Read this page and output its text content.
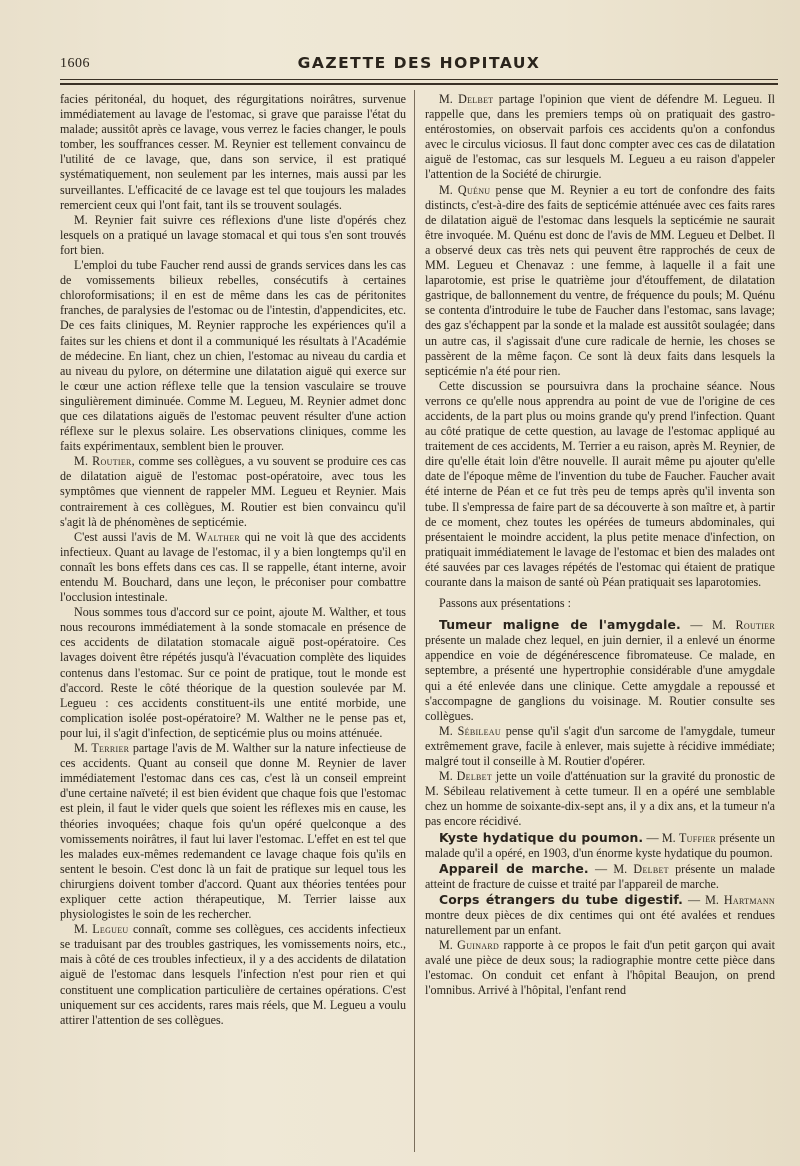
1606	GAZETTE DES HOPITAUX

facies péritonéal, du hoquet, des régurgitations noirâtres, survenue immédiatement au lavage de l'estomac, si grave que paraisse l'état du malade; aussitôt après ce lavage, vous verrez le facies changer, le pouls tomber, les souffrances cesser. M. Reynier est tellement convaincu de l'utilité de ce lavage, que, dans son service, il est pratiqué systématiquement, non seulement par les internes, mais aussi par les surveillantes. L'efficacité de ce lavage est tel que toujours les malades remercient ceux qui l'ont fait, tant ils se trouvent soulagés.

M. Reynier fait suivre ces réflexions d'une liste d'opérés chez lesquels on a pratiqué un lavage stomacal et qui tous s'en sont trouvés fort bien.

L'emploi du tube Faucher rend aussi de grands services dans les cas de vomissements bilieux rebelles, consécutifs à certaines chloroformisations; il en est de même dans les cas de péritonites franches, de paralysies de l'estomac ou de l'intestin, d'appendicites, etc. De ces faits cliniques, M. Reynier rapproche les expériences qu'il a faites sur les chiens et dont il a communiqué les résultats à l'Académie de médecine. En liant, chez un chien, l'estomac au niveau du cardia et au niveau du pylore, on détermine une dilatation aiguë qui exerce sur le cœur une action réflexe telle que la tension vasculaire se trouve singulièrement diminuée. Comme M. Legueu, M. Reynier admet donc que ces dilatations aiguës de l'estomac peuvent résulter d'une action réflexe sur le plexus solaire. Les observations cliniques, comme les faits expérimentaux, semblent bien le prouver.

M. Routier, comme ses collègues, a vu souvent se produire ces cas de dilatation aiguë de l'estomac post-opératoire, avec tous les symptômes que viennent de rappeler MM. Legueu et Reynier. Mais contrairement à ces collègues, M. Routier est bien convaincu qu'il s'agit là de phénomènes de septicémie.

C'est aussi l'avis de M. Walther qui ne voit là que des accidents infectieux. Quant au lavage de l'estomac, il y a bien longtemps qu'il en connaît les bons effets dans ces cas. Il se rappelle, étant interne, avoir entendu M. Bouchard, dans une leçon, le préconiser pour combattre l'occlusion intestinale.

Nous sommes tous d'accord sur ce point, ajoute M. Walther, et tous nous recourons immédiatement à la sonde stomacale en présence de ces accidents de dilatation stomacale aiguë post-opératoire. Ces lavages doivent être répétés jusqu'à l'évacuation complète des liquides contenus dans l'estomac. Sur ce point de pratique, tout le monde est d'accord. Reste le côté théorique de la question soulevée par M. Legueu : ces accidents constituent-ils une entité morbide, une complication isolée post-opératoire? M. Walther ne le pense pas et, pour lui, il s'agit d'infection, de septicémie plus ou moins atténuée.

M. Terrier partage l'avis de M. Walther sur la nature infectieuse de ces accidents. Quant au conseil que donne M. Reynier de laver immédiatement l'estomac dans ces cas, c'est là un conseil empreint d'une certaine naïveté; il est bien évident que chaque fois que l'estomac est plein, il faut le vider quels que soient les réflexes mis en cause, les théories invoquées; chaque fois qu'un opéré quelconque a des vomissements noirâtres, il faut lui laver l'estomac. L'effet en est tel que les malades eux-mêmes redemandent ce lavage chaque fois qu'ils en sentent le besoin. C'est donc là un fait de pratique sur lequel tous les chirurgiens doivent tomber d'accord. Quant aux théories tentées pour expliquer cette action thérapeutique, M. Terrier laisse aux physiologistes le soin de les rechercher.

M. Legueu connaît, comme ses collègues, ces accidents infectieux se traduisant par des troubles gastriques, les vomissements noirs, etc., mais à côté de ces troubles infectieux, il y a des accidents de dilatation aiguë de l'estomac dans lesquels l'infection n'est pour rien et qui constituent une complication particulière de certaines opérations. C'est uniquement sur ces accidents, rares mais réels, que M. Legueu a voulu attirer l'attention de ses collègues.

M. Delbet partage l'opinion que vient de défendre M. Legueu. Il rappelle que, dans les premiers temps où on pratiquait des gastro-entérostomies, on observait parfois ces accidents qu'on a confondus avec le circulus viciosus. Il faut donc compter avec ces cas de dilatation aiguë de l'estomac, cas sur lesquels M. Legueu a eu raison d'appeler l'attention de la Société de chirurgie.

M. Quénu pense que M. Reynier a eu tort de confondre des faits distincts, c'est-à-dire des faits de septicémie atténuée avec ces faits rares de dilatation aiguë de l'estomac dans lesquels la septicémie ne saurait être invoquée. M. Quénu est donc de l'avis de MM. Legueu et Delbet. Il a observé deux cas très nets qui peuvent être rapprochés de ceux de MM. Legueu et Chenavaz : une femme, à laquelle il a fait une laparotomie, est prise le quatrième jour d'étouffement, de dilatation gastrique, de ballonnement du ventre, de fréquence du pouls; M. Quénu se contenta d'introduire le tube de Faucher dans l'estomac, sans lavage; des gaz s'échappent par la sonde et la malade est aussitôt soulagée; dans un autre cas, il s'agissait d'une cure radicale de hernie, les choses se passèrent de la même façon. Ce sont là deux faits dans lesquels la septicémie n'a été pour rien.

Cette discussion se poursuivra dans la prochaine séance. Nous verrons ce qu'elle nous apprendra au point de vue de l'origine de ces accidents, de la part plus ou moins grande qu'y prend l'infection. Quant au côté pratique de cette question, au lavage de l'estomac appliqué au traitement de ces accidents, M. Terrier a eu raison, après M. Reynier, de dire qu'elle était loin d'être nouvelle. Il aurait même pu ajouter qu'elle date de l'époque même de l'invention du tube de Faucher. Faucher avait été interne de Péan et ce fut très peu de temps après qu'il inventa son tube. Il s'empressa de faire part de sa découverte à son maître et, à partir de ce moment, chez toutes les opérées de tumeurs abdominales, qui présentaient le moindre accident, la plus petite menace d'infection, on pratiquait immédiatement le lavage de l'estomac et bien des malades ont été sauvées par ces lavages répétés de l'estomac qui étaient de pratique courante dans la maison de santé où Péan pratiquait ses laparotomies.

Passons aux présentations :

Tumeur maligne de l'amygdale. — M. Routier présente un malade chez lequel, en juin dernier, il a enlevé un énorme appendice en voie de dégénérescence fibromateuse. Ce malade, en septembre, a présenté une hypertrophie considérable d'une amygdale qui a été enlevée dans une clinique. Cette amygdale a repoussé et s'accompagne de ganglions du voisinage. M. Routier consulte ses collègues.

M. Sébileau pense qu'il s'agit d'un sarcome de l'amygdale, tumeur extrêmement grave, facile à enlever, mais sujette à récidive immédiate; malgré tout il conseille à M. Routier d'opérer.

M. Delbet jette un voile d'atténuation sur la gravité du pronostic de M. Sébileau relativement à cette tumeur. Il en a opéré une semblable chez un homme de soixante-dix-sept ans, il y a dix ans, et la tumeur n'a pas encore récidivé.

Kyste hydatique du poumon. — M. Tuffier présente un malade qu'il a opéré, en 1903, d'un énorme kyste hydatique du poumon.

Appareil de marche. — M. Delbet présente un malade atteint de fracture de cuisse et traité par l'appareil de marche.

Corps étrangers du tube digestif. — M. Hartmann montre deux pièces de dix centimes qui ont été avalées et rendues naturellement par un enfant.

M. Guinard rapporte à ce propos le fait d'un petit garçon qui avait avalé une pièce de deux sous; la radiographie montre cette pièce dans l'estomac. On conduit cet enfant à l'hôpital Beaujon, on prend l'omnibus. Arrivé à l'hôpital, l'enfant rend
